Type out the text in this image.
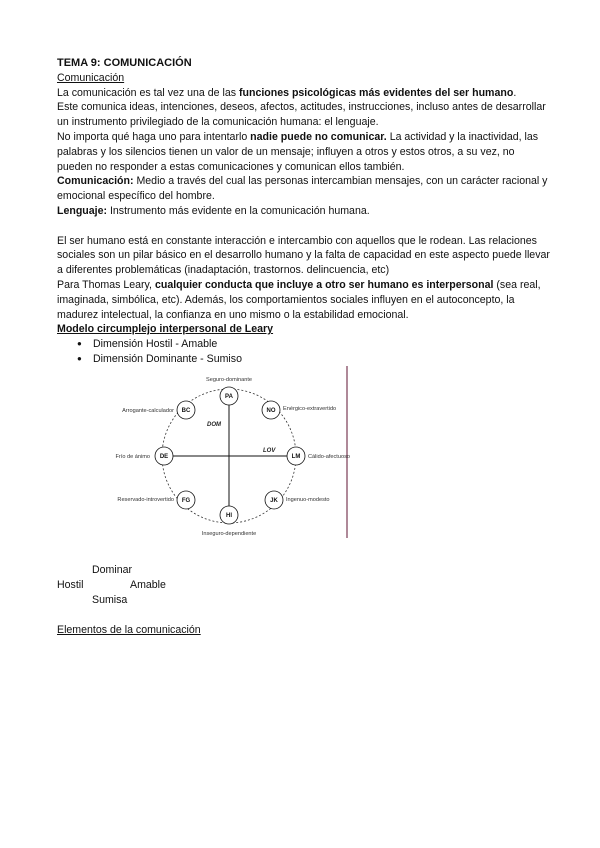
TEMA 9: COMUNICACIÓN

Comunicación

La comunicación es tal vez una de las funciones psicológicas más evidentes del ser humano.

Este comunica ideas, intenciones, deseos, afectos, actitudes, instrucciones, incluso antes de desarrollar un instrumento privilegiado de la comunicación humana: el lenguaje.

No importa qué haga uno para intentarlo nadie puede no comunicar. La actividad y la inactividad, las palabras y los silencios tienen un valor de un mensaje; influyen a otros y estos otros, a su vez, no pueden no responder a estas comunicaciones y comunican ellos también.

Comunicación: Medio a través del cual las personas intercambian mensajes, con un carácter racional y emocional específico del hombre.

Lenguaje: Instrumento más evidente en la comunicación humana.

El ser humano está en constante interacción e intercambio con aquellos que le rodean. Las relaciones sociales son un pilar básico en el desarrollo humano y la falta de capacidad en este aspecto puede llevar a diferentes problemáticas (inadaptación, trastornos. delincuencia, etc)

Para Thomas Leary, cualquier conducta que incluye a otro ser humano es interpersonal (sea real, imaginada, simbólica, etc). Además, los comportamientos sociales influyen en el autoconcepto, la madurez intelectual, la confianza en uno mismo o la estabilidad emocional.

Modelo circumplejo interpersonal de Leary

● Dimensión Hostil - Amable
● Dimensión Dominante - Sumiso
DOM
LOV
PA
NO
LM
JK
HI
FG
DE
BC
Seguro-dominante
Enérgico-extravertido
Cálido-afectuoso
Ingenuo-modesto
Inseguro-dependiente
Reservado-introvertido
Frío de ánimo
Arrogante-calculador
Dominar
Hostil	Amable
Sumisa

Elementos de la comunicación
